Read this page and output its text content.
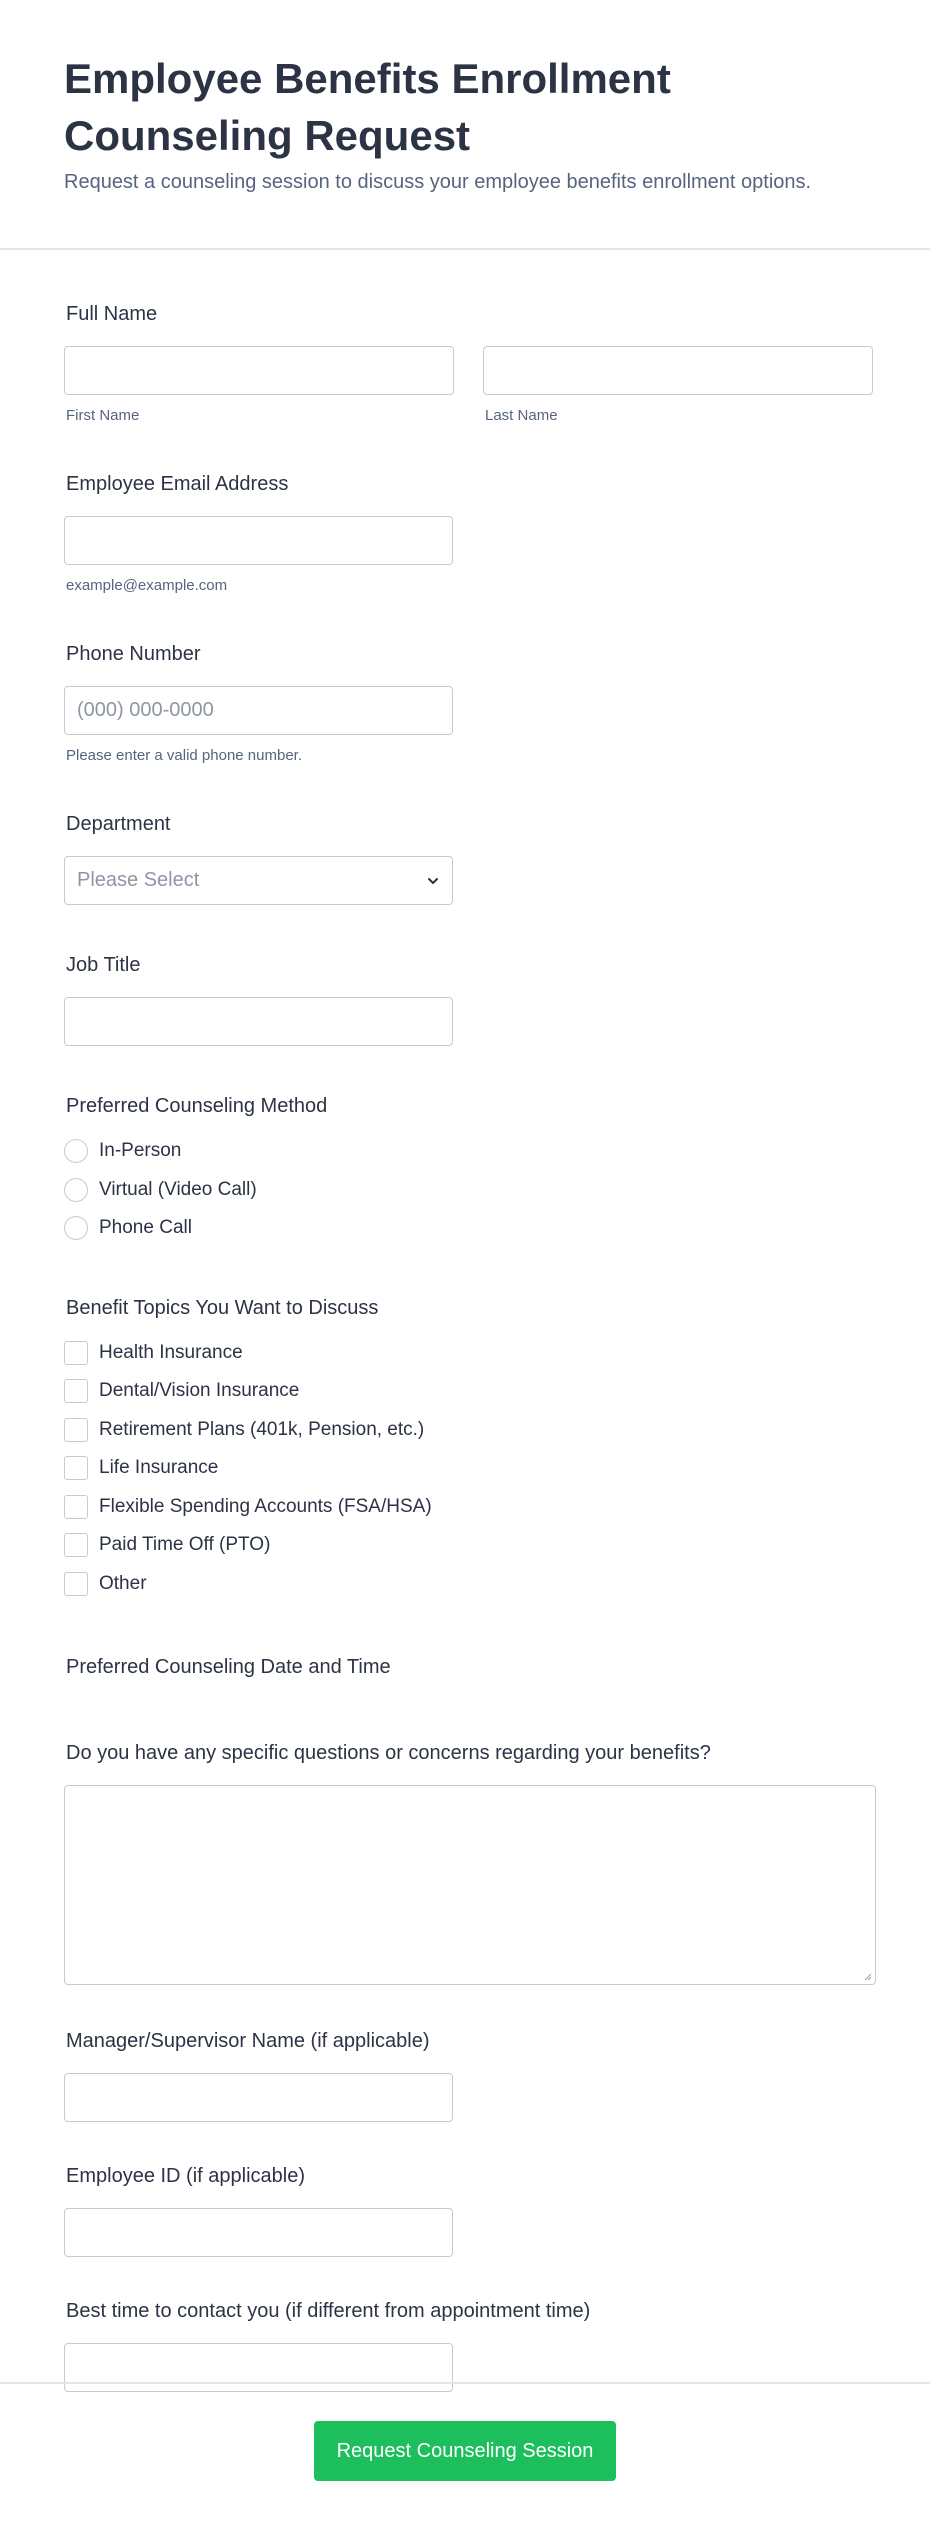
Employee Benefits Enrollment Counseling Request
Request a counseling session to discuss your employee benefits enrollment options.
Full Name
First Name	Last Name
Employee Email Address
example@example.com
Phone Number
(000) 000-0000
Please enter a valid phone number.
Department
Please Select
Job Title
Preferred Counseling Method
In-Person
Virtual (Video Call)
Phone Call
Benefit Topics You Want to Discuss
Health Insurance
Dental/Vision Insurance
Retirement Plans (401k, Pension, etc.)
Life Insurance
Flexible Spending Accounts (FSA/HSA)
Paid Time Off (PTO)
Other
Preferred Counseling Date and Time
Do you have any specific questions or concerns regarding your benefits?
Manager/Supervisor Name (if applicable)
Employee ID (if applicable)
Best time to contact you (if different from appointment time)
Request Counseling Session
